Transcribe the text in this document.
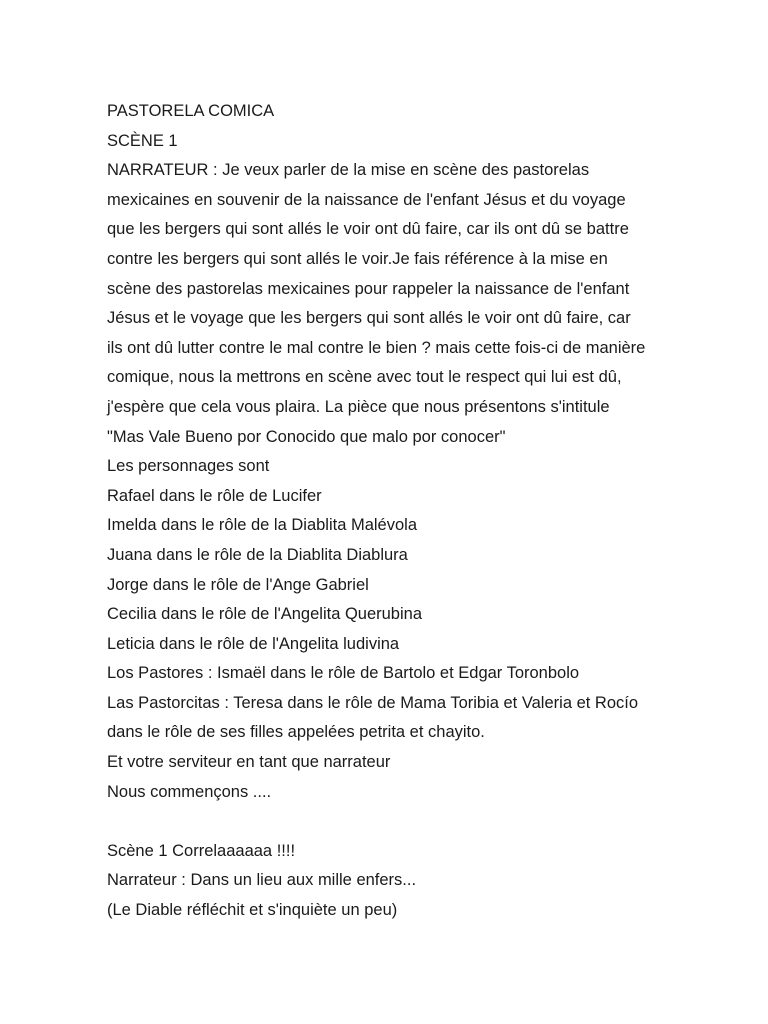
PASTORELA COMICA
SCÈNE 1
NARRATEUR : Je veux parler de la mise en scène des pastorelas
mexicaines en souvenir de la naissance de l'enfant Jésus et du voyage
que les bergers qui sont allés le voir ont dû faire, car ils ont dû se battre
contre les bergers qui sont allés le voir.Je fais référence à la mise en
scène des pastorelas mexicaines pour rappeler la naissance de l'enfant
Jésus et le voyage que les bergers qui sont allés le voir ont dû faire, car
ils ont dû lutter contre le mal contre le bien ? mais cette fois-ci de manière
comique, nous la mettrons en scène avec tout le respect qui lui est dû,
j'espère que cela vous plaira. La pièce que nous présentons s'intitule
"Mas Vale Bueno por Conocido que malo por conocer"
Les personnages sont
Rafael dans le rôle de Lucifer
Imelda dans le rôle de la Diablita Malévola
Juana dans le rôle de la Diablita Diablura
Jorge dans le rôle de l'Ange Gabriel
Cecilia dans le rôle de l'Angelita Querubina
Leticia dans le rôle de l'Angelita ludivina
Los Pastores : Ismaël dans le rôle de Bartolo et Edgar Toronbolo
Las Pastorcitas : Teresa dans le rôle de Mama Toribia et Valeria et Rocío
dans le rôle de ses filles appelées petrita et chayito.
Et votre serviteur en tant que narrateur
Nous commençons ....
Scène 1 Correlaaaaaa !!!!
Narrateur : Dans un lieu aux mille enfers...
(Le Diable réfléchit et s'inquiète un peu)
